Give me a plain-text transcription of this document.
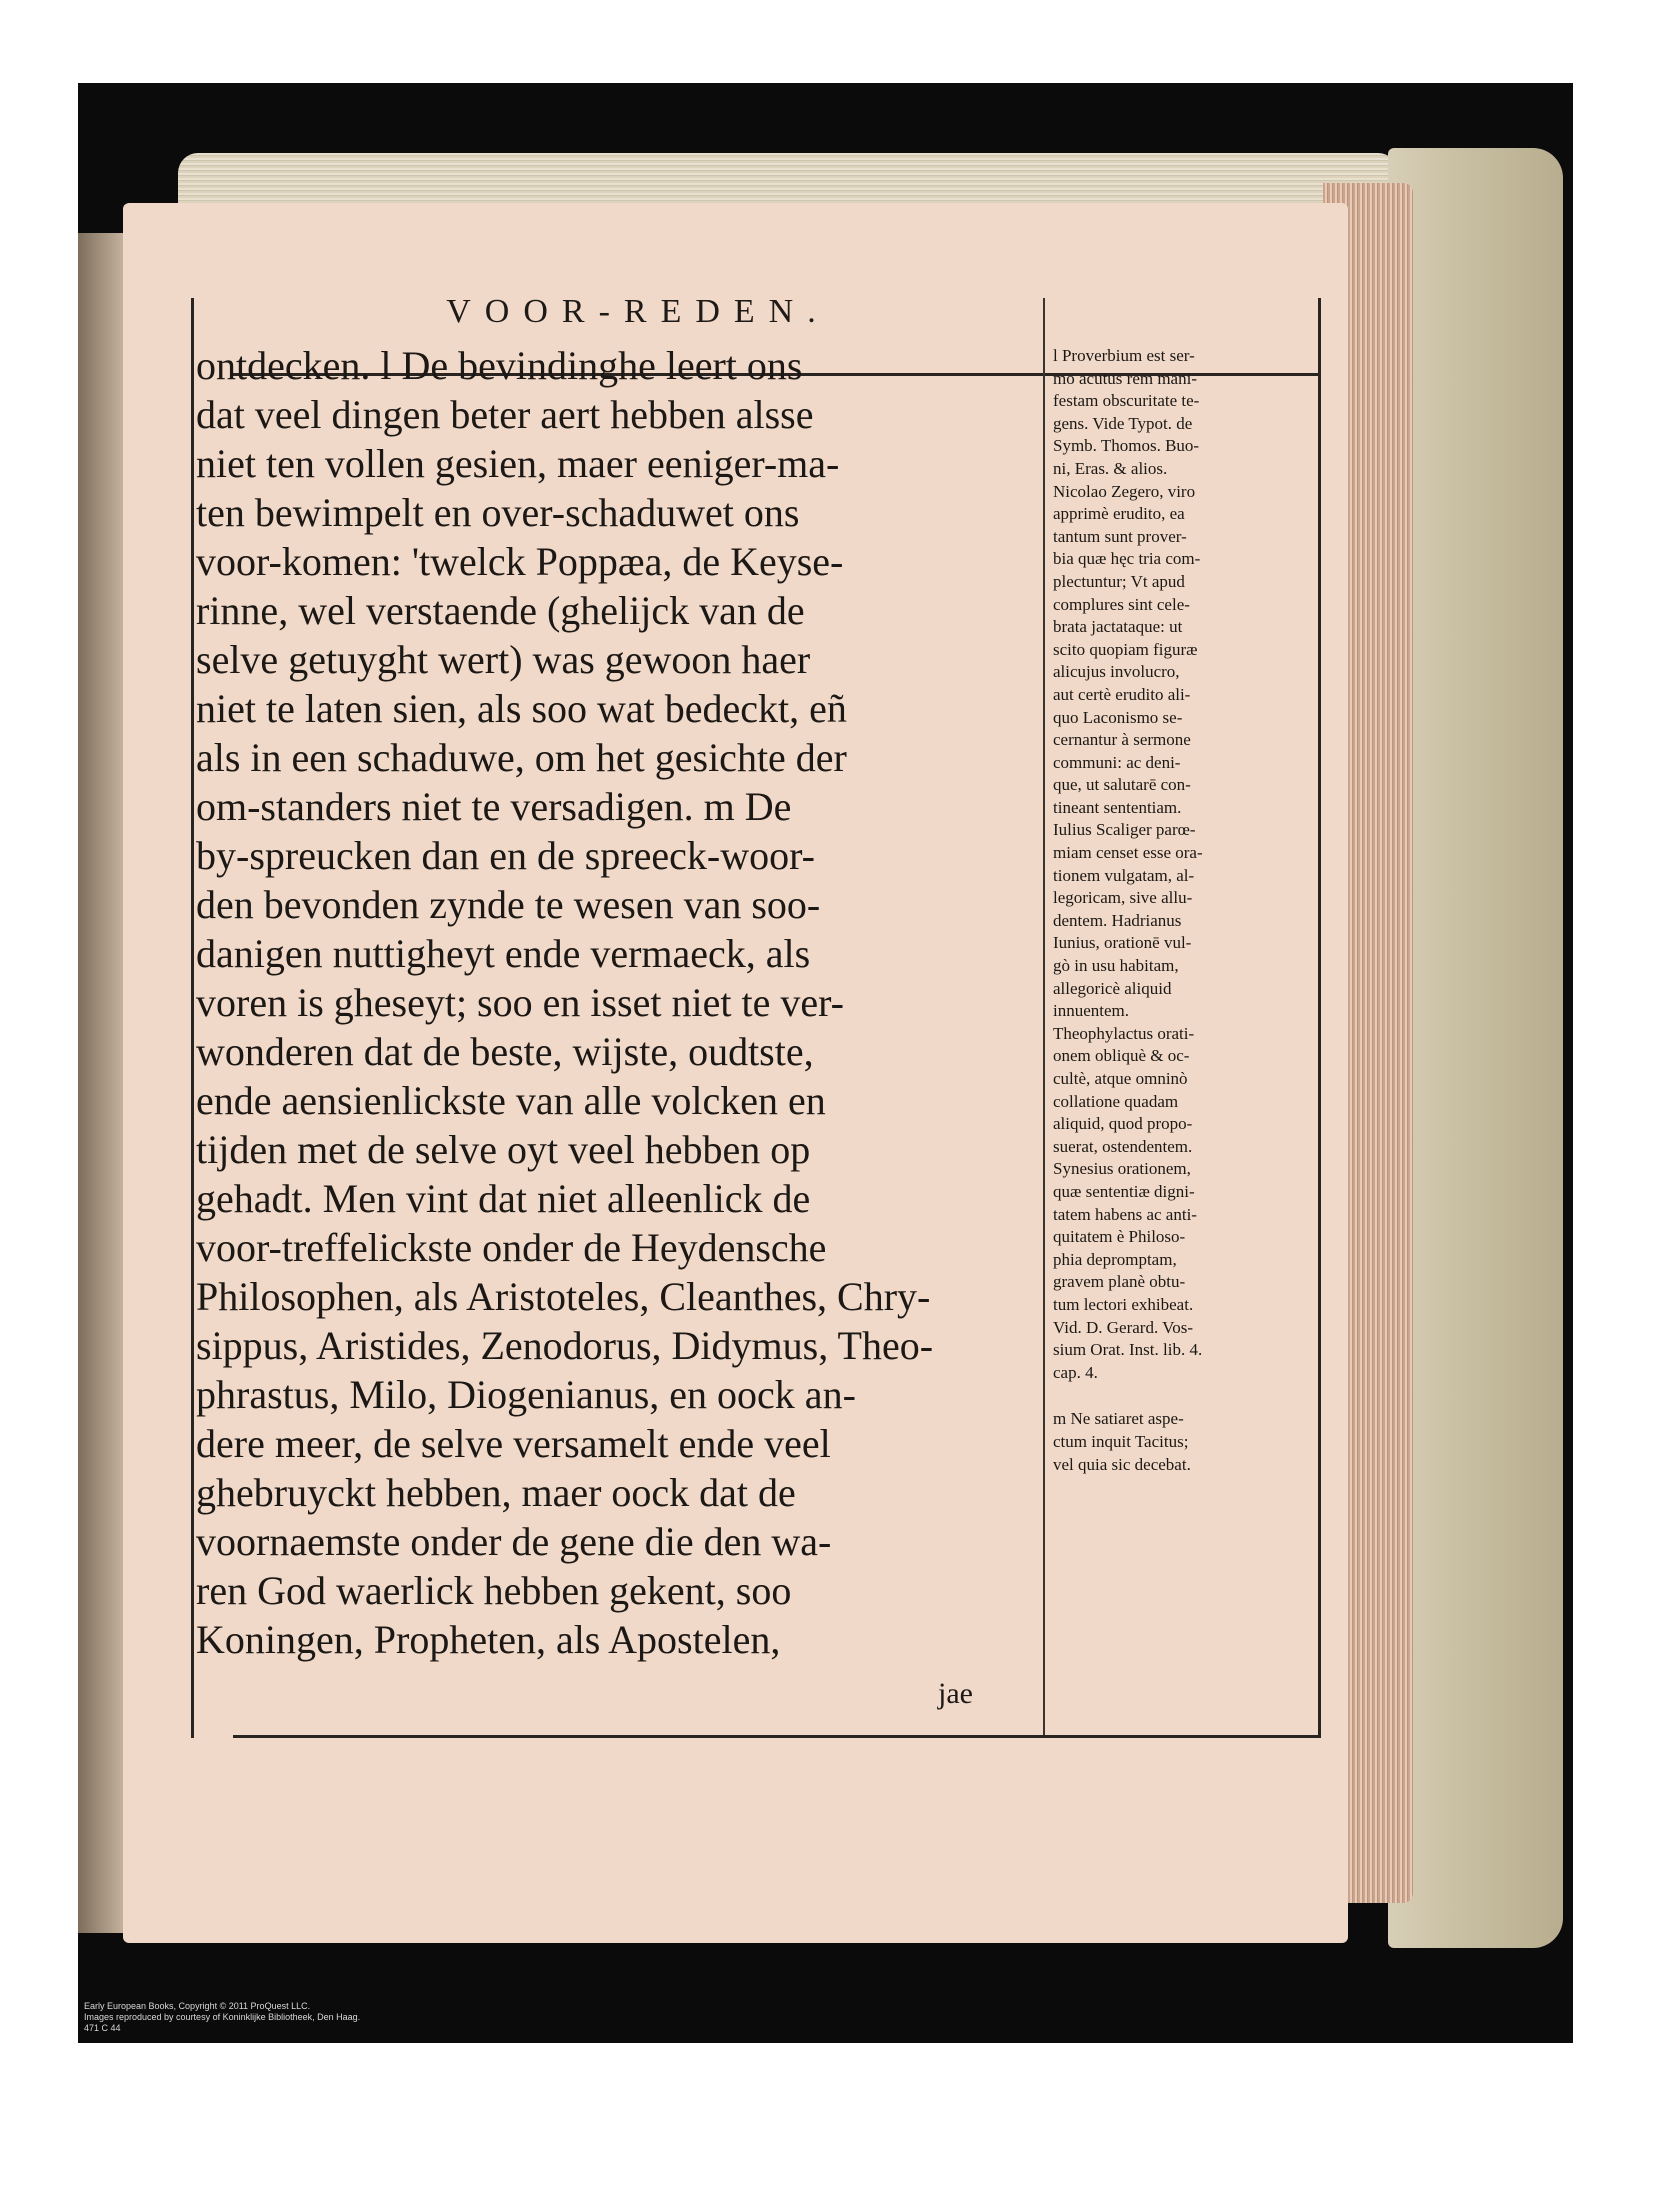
VOOR-REDEN.
ontdecken. l De bevindinghe leert ons
dat veel dingen beter aert hebben alsse
niet ten vollen gesien, maer eeniger-ma-
ten bewimpelt en over-schaduwet ons
voor-komen: 'twelck Poppæa, de Keyse-
rinne, wel verstaende (ghelijck van de
selve getuyght wert) was gewoon haer
niet te laten sien, als soo wat bedeckt, eñ
als in een schaduwe, om het gesichte der
om-standers niet te versadigen. m De
by-spreucken dan en de spreeck-woor-
den bevonden zynde te wesen van soo-
danigen nuttigheyt ende vermaeck, als
voren is gheseyt; soo en isset niet te ver-
wonderen dat de beste, wijste, oudtste,
ende aensienlickste van alle volcken en
tijden met de selve oyt veel hebben op
gehadt. Men vint dat niet alleenlick de
voor-treffelickste onder de Heydensche
Philosophen, als Aristoteles, Cleanthes, Chry-
sippus, Aristides, Zenodorus, Didymus, Theo-
phrastus, Milo, Diogenianus, en oock an-
dere meer, de selve versamelt ende veel
ghebruyckt hebben, maer oock dat de
voornaemste onder de gene die den wa-
ren God waerlick hebben gekent, soo
Koningen, Propheten, als Apostelen,
jae
l Proverbium est ser-
mo acutus rem mani-
festam obscuritate te-
gens. Vide Typot. de
Symb. Thomos. Buo-
ni, Eras. & alios.
Nicolao Zegero, viro
apprimè erudito, ea
tantum sunt prover-
bia quæ hęc tria com-
plectuntur; Vt apud
complures sint cele-
brata jactataque: ut
scito quopiam figuræ
alicujus involucro,
aut certè erudito ali-
quo Laconismo se-
cernantur à sermone
communi: ac deni-
que, ut salutarē con-
tineant sententiam.
Iulius Scaliger parœ-
miam censet esse ora-
tionem vulgatam, al-
legoricam, sive allu-
dentem. Hadrianus
Iunius, orationē vul-
gò in usu habitam,
allegoricè aliquid
innuentem.
Theophylactus orati-
onem obliquè & oc-
cultè, atque omninò
collatione quadam
aliquid, quod propo-
suerat, ostendentem.
Synesius orationem,
quæ sententiæ digni-
tatem habens ac anti-
quitatem è Philoso-
phia depromptam,
gravem planè obtu-
tum lectori exhibeat.
Vid. D. Gerard. Vos-
sium Orat. Inst. lib. 4.
cap. 4.
m Ne satiaret aspe-
ctum inquit Tacitus;
vel quia sic decebat.
Early European Books, Copyright © 2011 ProQuest LLC.
Images reproduced by courtesy of Koninklijke Bibliotheek, Den Haag.
471 C 44
